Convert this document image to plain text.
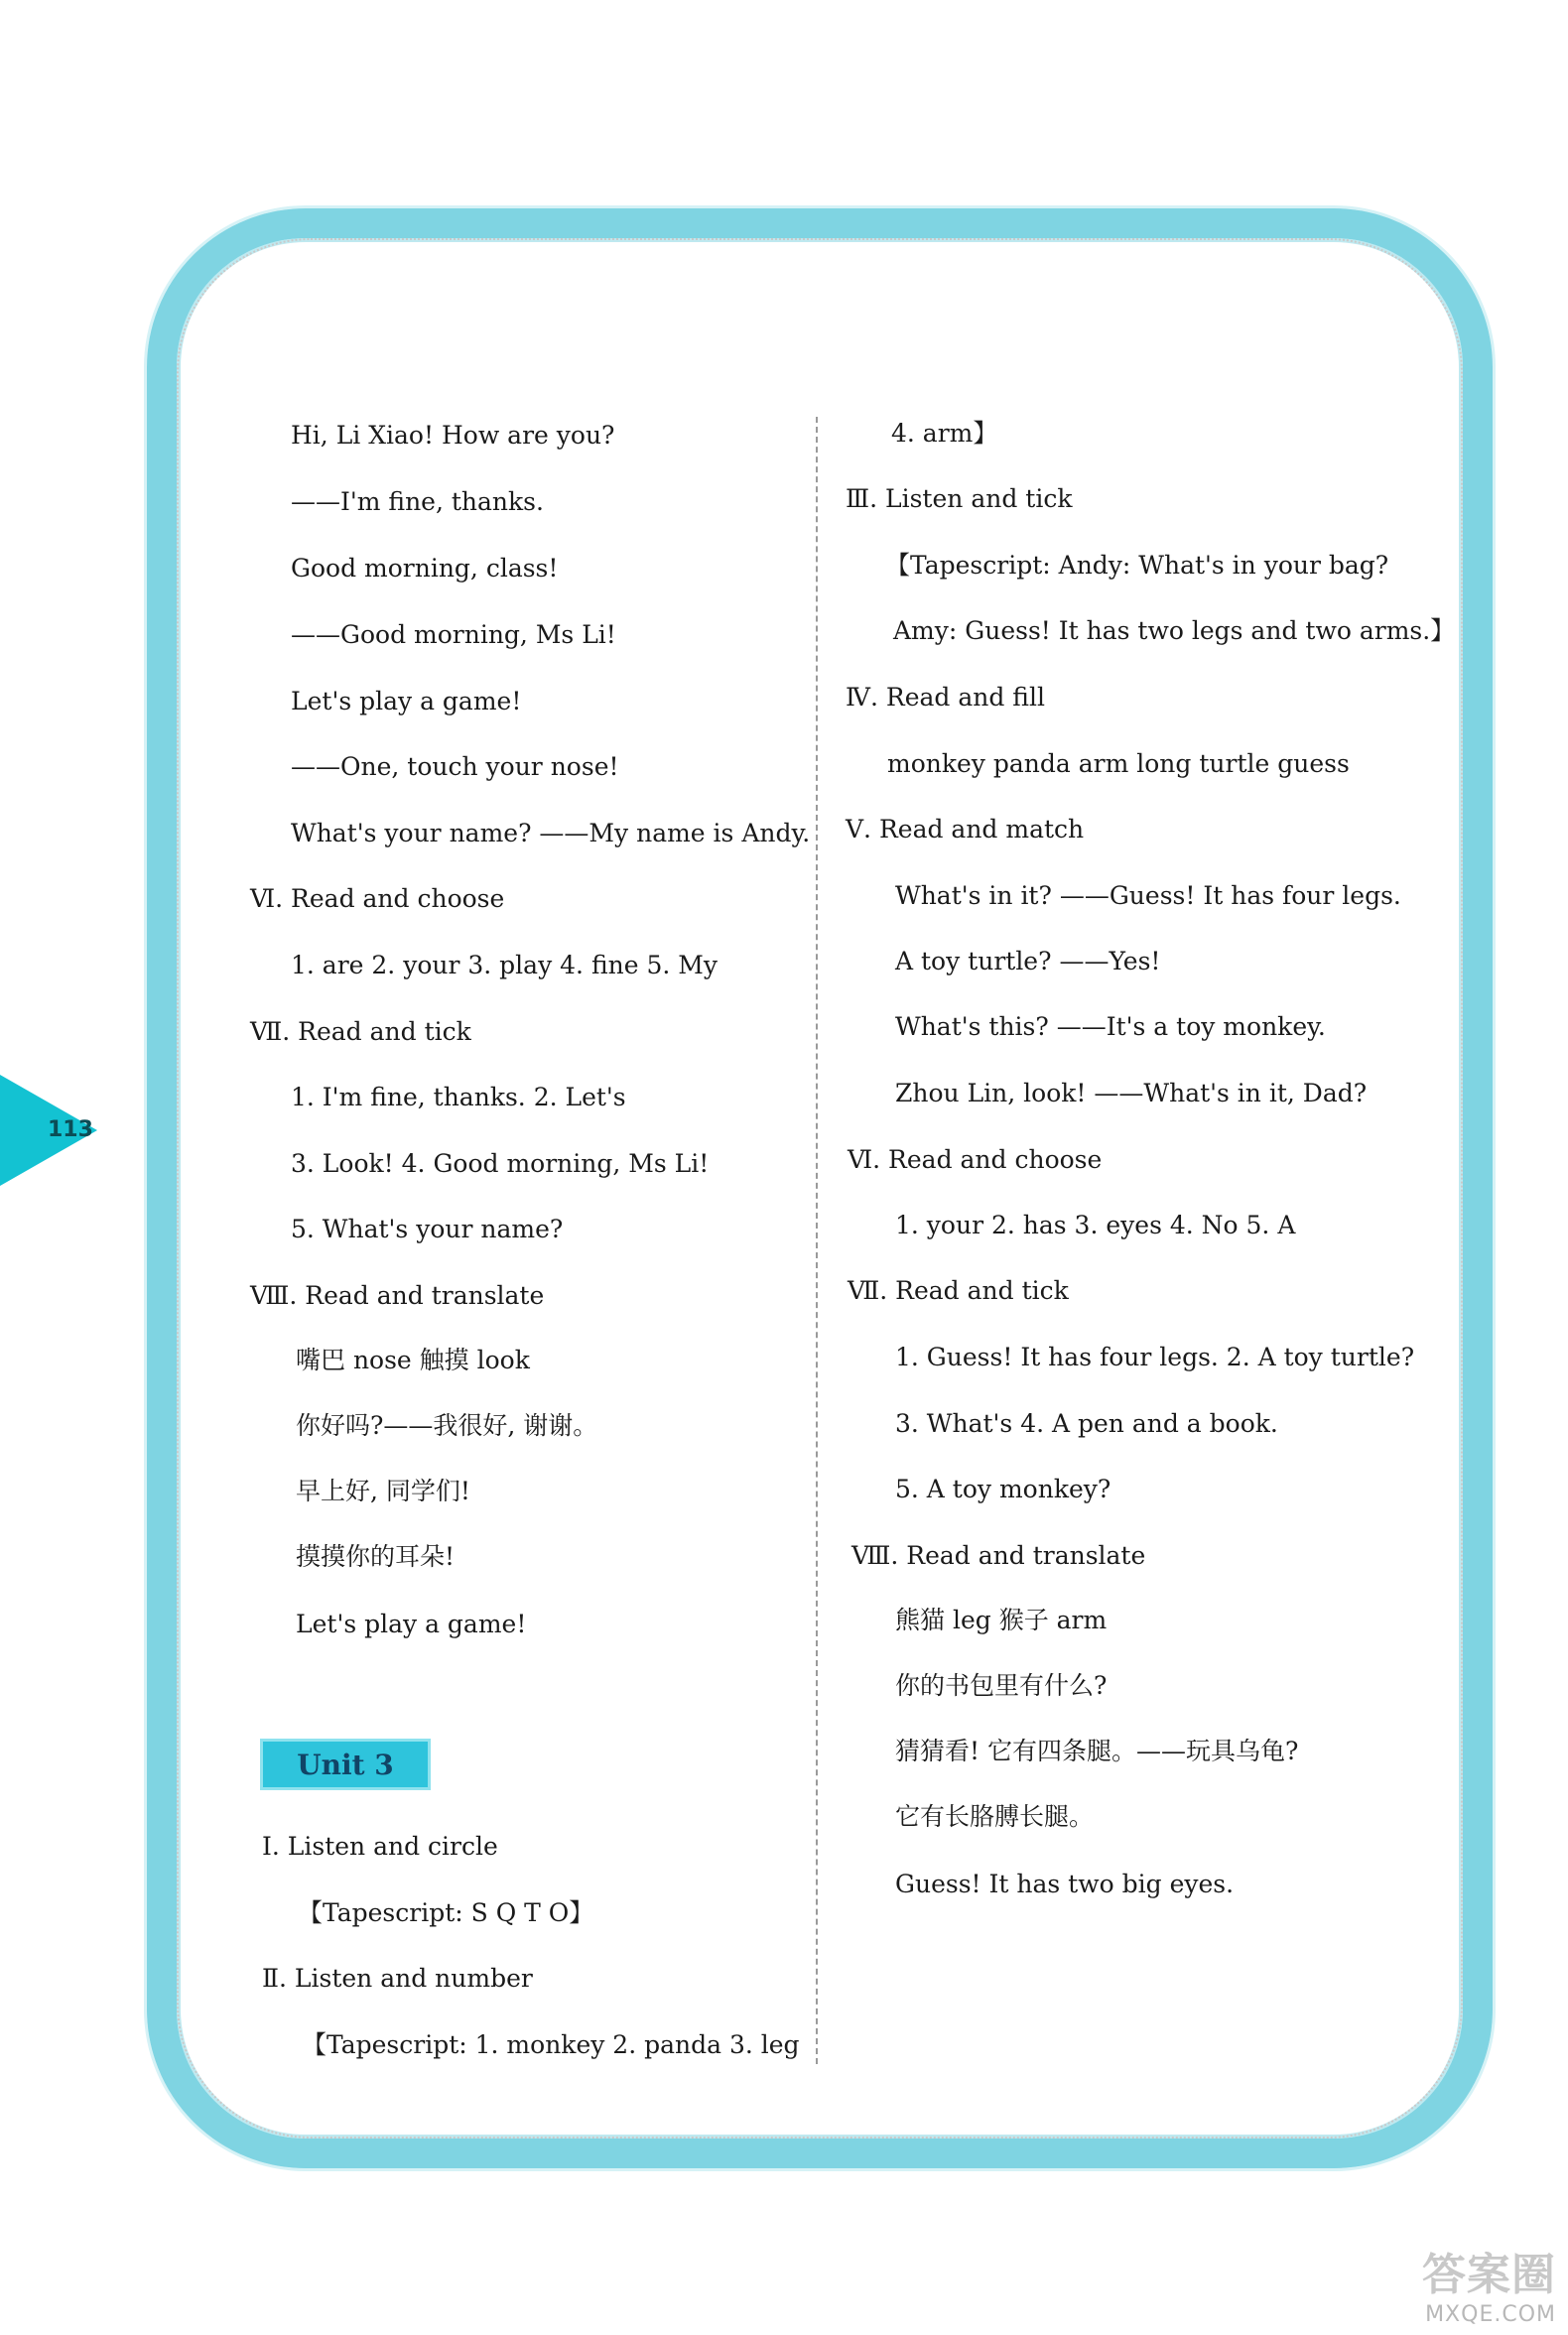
113
Hi, Li Xiao! How are you?
——I'm fine, thanks.
Good morning, class!
——Good morning, Ms Li!
Let's play a game!
——One, touch your nose!
What's your name? ——My name is Andy.
Ⅵ. Read and choose
1. are 2. your 3. play 4. fine 5. My
Ⅶ. Read and tick
1. I'm fine, thanks. 2. Let's
3. Look! 4. Good morning, Ms Li!
5. What's your name?
Ⅷ. Read and translate
嘴巴 nose 触摸 look
你好吗?——我很好, 谢谢。
早上好, 同学们!
摸摸你的耳朵!
Let's play a game!
Unit 3
Ⅰ. Listen and circle
【Tapescript: S Q T O】
Ⅱ. Listen and number
【Tapescript: 1. monkey 2. panda 3. leg
4. arm】
Ⅲ. Listen and tick
【Tapescript: Andy: What's in your bag?
Amy: Guess! It has two legs and two arms.】
Ⅳ. Read and fill
monkey panda arm long turtle guess
Ⅴ. Read and match
What's in it? ——Guess! It has four legs.
A toy turtle? ——Yes!
What's this? ——It's a toy monkey.
Zhou Lin, look! ——What's in it, Dad?
Ⅵ. Read and choose
1. your 2. has 3. eyes 4. No 5. A
Ⅶ. Read and tick
1. Guess! It has four legs. 2. A toy turtle?
3. What's 4. A pen and a book.
5. A toy monkey?
Ⅷ. Read and translate
熊猫 leg 猴子 arm
你的书包里有什么?
猜猜看! 它有四条腿。——玩具乌龟?
它有长胳膊长腿。
Guess! It has two big eyes.
答案圈
MXQE.COM
